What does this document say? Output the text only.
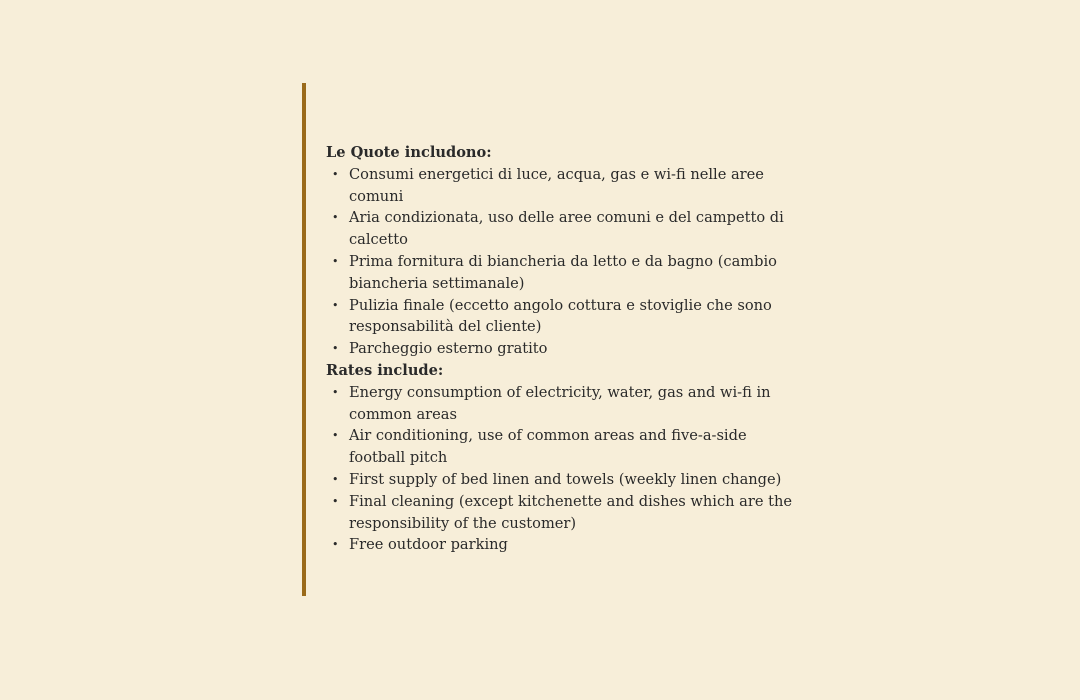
Le Quote includono:

• Consumi energetici di luce, acqua, gas e wi-fi nelle aree comuni
• Aria condizionata, uso delle aree comuni e del campetto di calcetto
• Prima fornitura di biancheria da letto e da bagno (cambio biancheria settimanale)
• Pulizia finale (eccetto angolo cottura e stoviglie che sono responsabilità del cliente)
• Parcheggio esterno gratito

Rates include:

• Energy consumption of electricity, water, gas and wi-fi in common areas
• Air conditioning, use of common areas and five-a-side football pitch
• First supply of bed linen and towels (weekly linen change)
• Final cleaning (except kitchenette and dishes which are the responsibility of the customer)
• Free outdoor parking
